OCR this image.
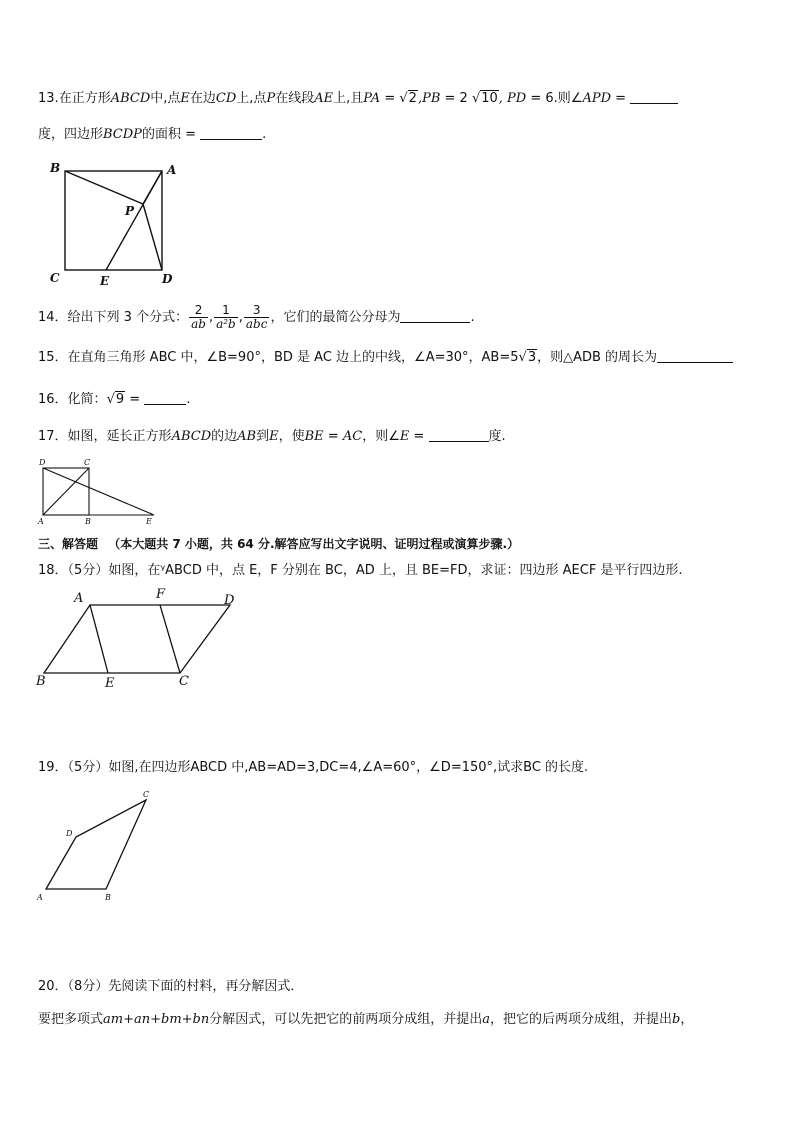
13.在正方形ABCD中,点E在边CD上,点P在线段AE上,且PA = √2,PB = 2 √10, PD = 6.则∠APD =
度，四边形BCDP的面积 =	.
B	A
P
C	E	D
14．给出下列 3 个分式： $\frac{2}{ab}$ , $\frac{1}{\text{a²b}}$ , $\frac{3}{\text{abc}}$ ，它们的最简公分母为	.
15．在直角三角形 ABC 中，∠B=90°，BD 是 AC 边上的中线，∠A=30°，AB=5√3，则△ADB 的周长为
16．化简：√9 =	.
17．如图，延长正方形ABCD的边AB到E，使BE = AC，则∠E =	度.
D	C
A	B	E
三、解答题 （本大题共 7 小题，共 64 分.解答应写出文字说明、证明过程或演算步骤.）
18．（5分）如图，在ᵞABCD 中，点 E，F 分别在 BC，AD 上，且 BE=FD，求证：四边形 AECF 是平行四边形.
A	F	D
B	E	C
19．（5分）如图,在四边形ABCD 中,AB=AD=3,DC=4,∠A=60°，∠D=150°,试求BC 的长度.
C
D
A	B
20．（8分）先阅读下面的村料，再分解因式．
要把多项式am+an+bm+bn分解因式，可以先把它的前两项分成组，并提出a，把它的后两项分成组，并提出b，
